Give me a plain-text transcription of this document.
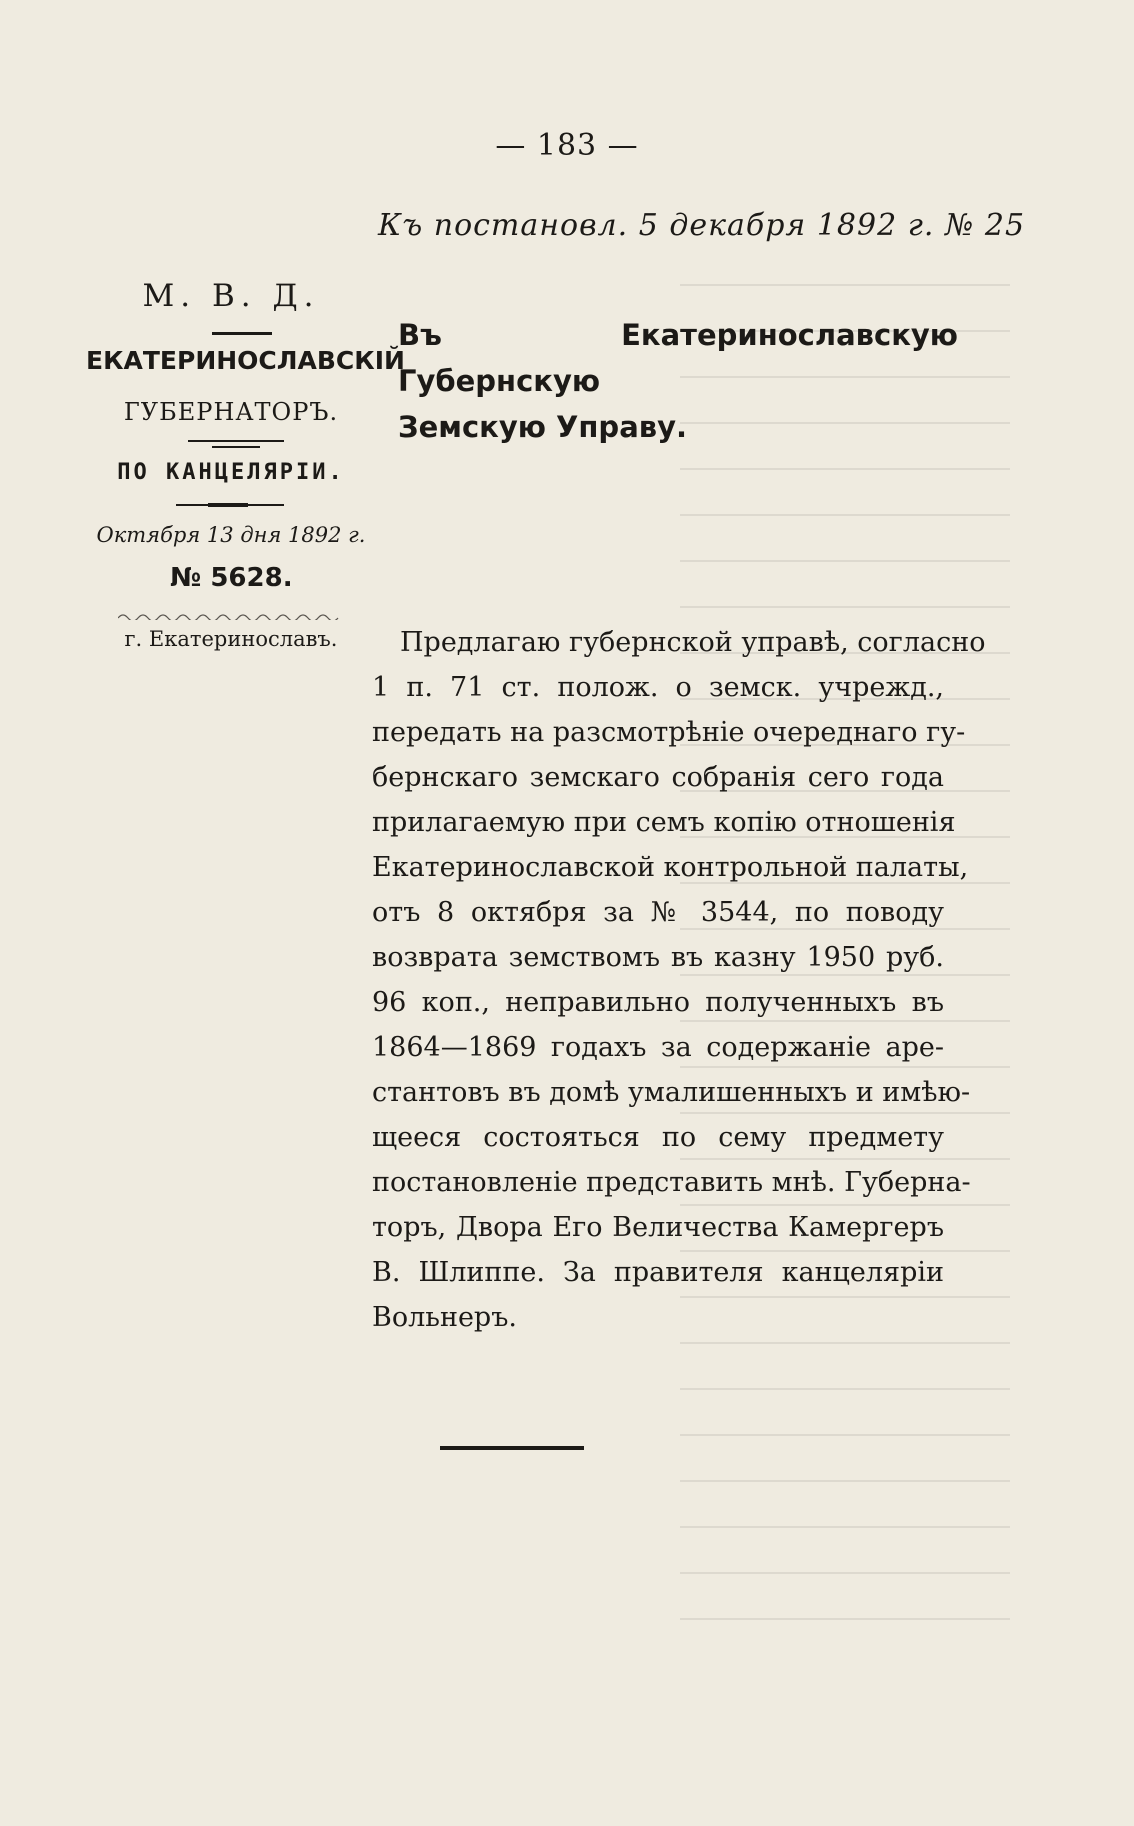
— 183 —
Къ постановл. 5 декабря 1892 г. № 25
М. В. Д.
ЕКАТЕРИНОСЛАВСКІЙ
ГУБЕРНАТОРЪ.
ПО КАНЦЕЛЯРІИ.
Октября 13 дня 1892 г.
№ 5628.
г. Екатеринославъ.
Въ Екатеринославскую Губернскую
Земскую Управу.
Предлагаю губернской управѣ, согласно
1 п. 71 ст. полож. о земск. учрежд.,
передать на разсмотрѣніе очереднаго гу-
бернскаго земскаго собранія сего года
прилагаемую при семъ копію отношенія
Екатеринославской контрольной палаты,
отъ 8 октября за № 3544, по поводу
возврата земствомъ въ казну 1950 руб.
96 коп., неправильно полученныхъ въ
1864—1869 годахъ за содержаніе аре-
стантовъ въ домѣ умалишенныхъ и имѣю-
щееся состояться по сему предмету
постановленіе представить мнѣ. Губерна-
торъ, Двора Его Величества Камергеръ
В. Шлиппе. За правителя канцеляріи
Вольнеръ.
